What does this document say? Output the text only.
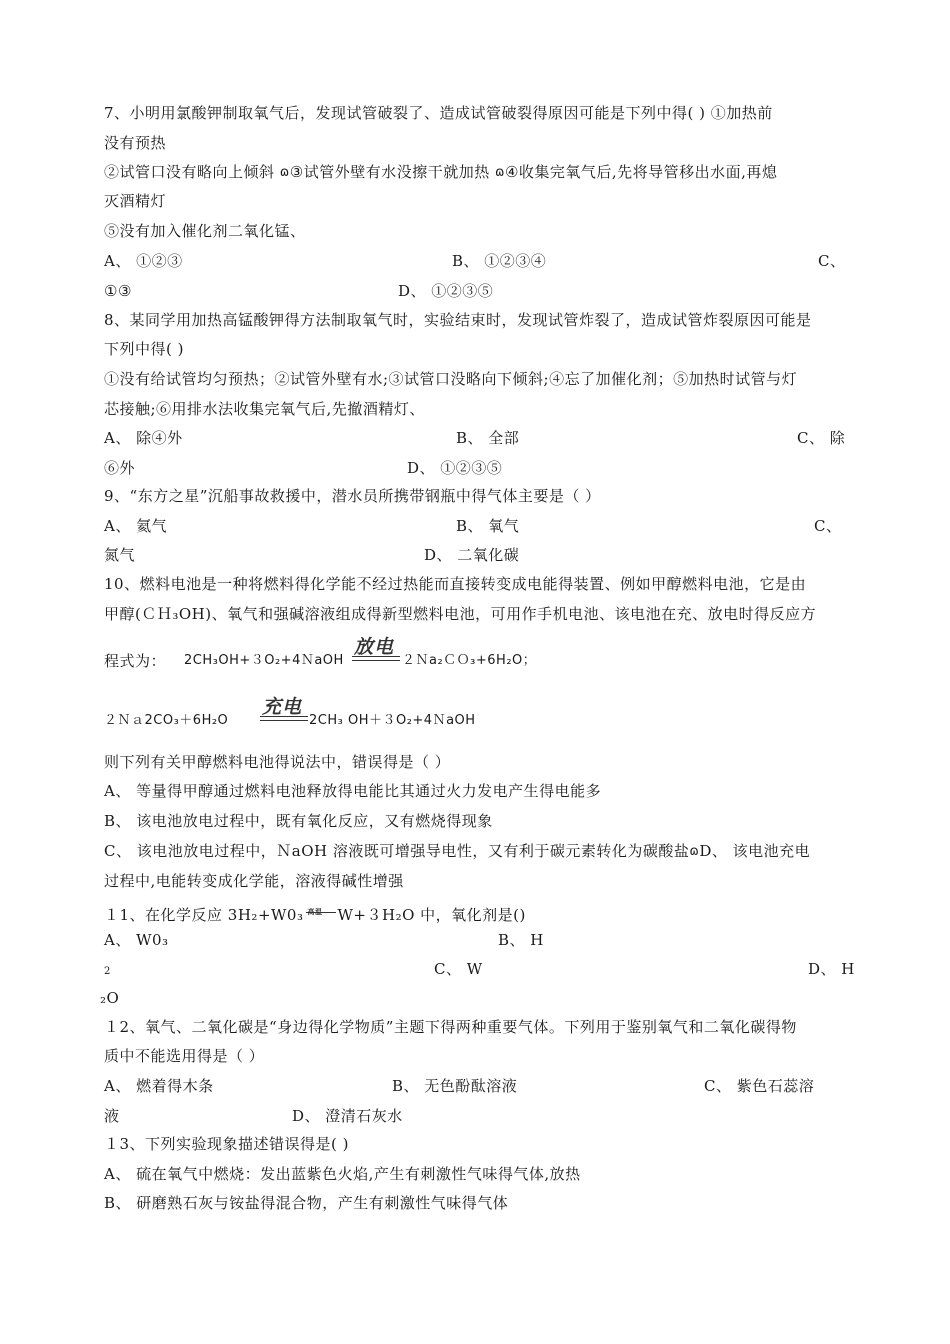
7、小明用氯酸钾制取氧气后，发现试管破裂了、造成试管破裂得原因可能是下列中得( ) ①加热前
没有预热
②试管口没有略向上倾斜 ɷ③试管外壁有水没擦干就加热 ɷ④收集完氧气后,先将导管移出水面,再熄
灭酒精灯
⑤没有加入催化剂二氧化锰、
A、 ①②③	B、 ①②③④	C、
①③	D、 ①②③⑤
8、某同学用加热高锰酸钾得方法制取氧气时，实验结束时，发现试管炸裂了，造成试管炸裂原因可能是
下列中得( )
①没有给试管均匀预热；②试管外壁有水;③试管口没略向下倾斜;④忘了加催化剂；⑤加热时试管与灯
芯接触;⑥用排水法收集完氧气后,先撤酒精灯、
A、 除④外	B、 全部	C、 除
⑥外	D、 ①②③⑤
9、“东方之星”沉船事故救援中，潜水员所携带钢瓶中得气体主要是（ ）
A、 氦气	B、 氧气	C、
氮气	D、 二氧化碳
10、燃料电池是一种将燃料得化学能不经过热能而直接转变成电能得装置、例如甲醇燃料电池，它是由
甲醇(ＣＨ₃OH)、氧气和强碱溶液组成得新型燃料电池，可用作手机电池、该电池在充、放电时得反应方
程式为： 2CH₃OH+３O₂+4ＮaOH
放电
２Ｎa₂ＣＯ₃+6H₂O；
２Ｎａ2CO₃＋6H₂O
充电
2CH₃ OH＋３O₂+4ＮaOH
则下列有关甲醇燃料电池得说法中，错误得是（ ）
A、 等量得甲醇通过燃料电池释放得电能比其通过火力发电产生得电能多
B、 该电池放电过程中，既有氧化反应，又有燃烧得现象
C、 该电池放电过程中，ＮaOH 溶液既可增强导电性，又有利于碳元素转化为碳酸盐ɷD、 该电池充电
过程中,电能转变成化学能，溶液得碱性增强
１1、在化学反应 3H₂+W0₃ 高温 W+３H₂O 中，氧化剂是()
A、 W0₃	B、 H
2	C、 W	D、 H
₂O
１2、氧气、二氧化碳是“身边得化学物质”主题下得两种重要气体。下列用于鉴别氧气和二氧化碳得物
质中不能选用得是（ ）
A、 燃着得木条	B、 无色酚酞溶液	C、 紫色石蕊溶
液	D、 澄清石灰水
１3、下列实验现象描述错误得是( )
A、 硫在氧气中燃烧：发出蓝紫色火焰,产生有刺激性气味得气体,放热
B、 研磨熟石灰与铵盐得混合物，产生有刺激性气味得气体
